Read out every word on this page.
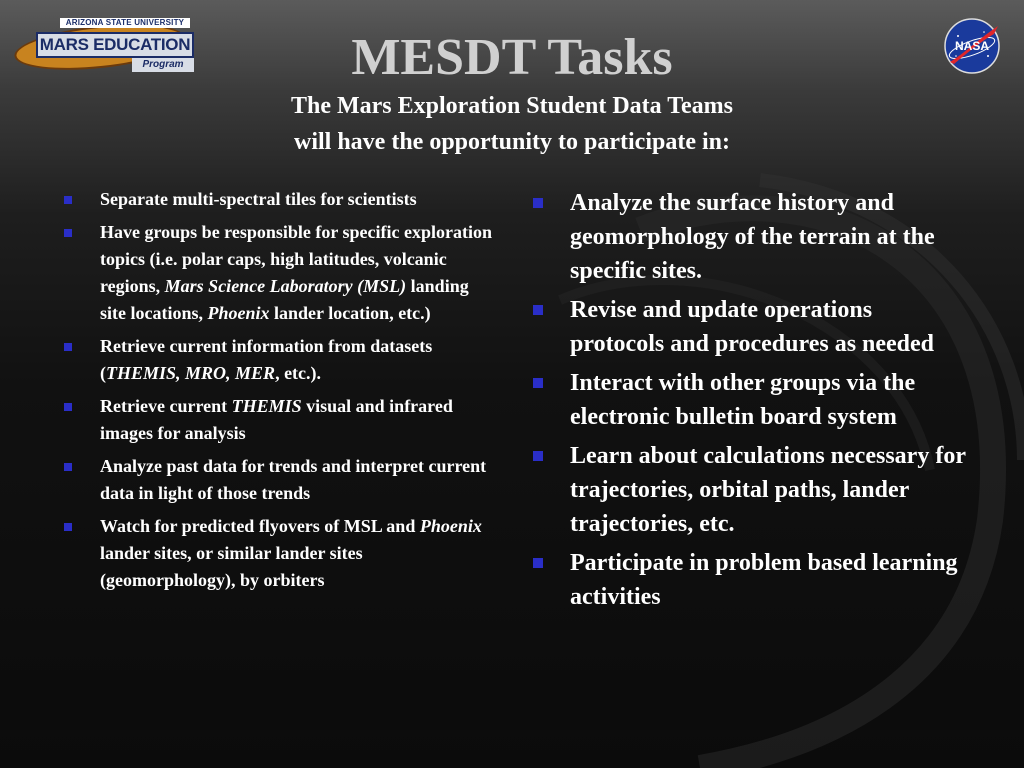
ARIZONA STATE UNIVERSITY
MARS
EDUCATION
Program
NASA
MESDT Tasks
The Mars Exploration Student Data Teams
will have the opportunity to participate in:
Separate multi-spectral tiles for scientists
Have groups be responsible for specific exploration topics (i.e. polar caps, high latitudes, volcanic regions, Mars Science Laboratory (MSL) landing site locations, Phoenix lander location, etc.)
Retrieve current information from datasets (THEMIS, MRO, MER, etc.).
Retrieve current THEMIS visual and infrared images for analysis
Analyze past data for trends and interpret current data in light of those trends
Watch for predicted flyovers of MSL and Phoenix lander sites, or similar lander sites (geomorphology), by orbiters
Analyze the surface history and geomorphology of the terrain at the specific sites.
Revise and update operations protocols and procedures as needed
Interact with other groups via the electronic bulletin board system
Learn about calculations necessary for trajectories, orbital paths, lander trajectories, etc.
Participate in problem based learning activities
